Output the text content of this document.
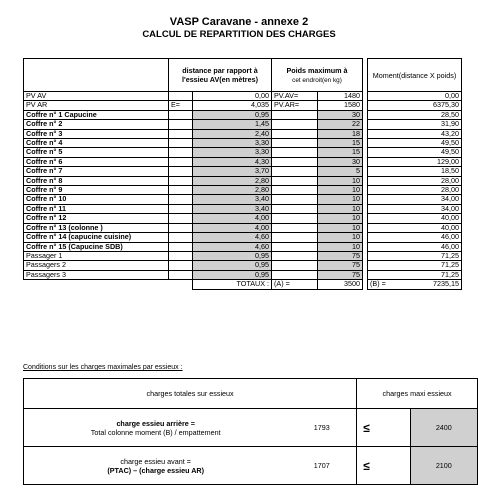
VASP Caravane - annexe 2
CALCUL DE REPARTITION DES CHARGES
	distance par rapport à l'essieu AV(en mètres)		Poids maximum à
cet endroit(en kg)			Moment(distance X poids)
PV AV		0,00	PV.AV=	1480		0,00
PV AR	E=	4,035	PV.AR=	1580		6375,30
Coffre n° 1 Capucine		0,95		30		28,50
Coffre n° 2		1,45		22		31,90
Coffre n° 3		2,40		18		43,20
Coffre n° 4		3,30		15		49,50
Coffre n° 5		3,30		15		49,50
Coffre n° 6		4,30		30		129,00
Coffre n° 7		3,70		5		18,50
Coffre n° 8		2,80		10		28,00
Coffre n° 9		2,80		10		28,00
Coffre n° 10		3,40		10		34,00
Coffre n° 11		3,40		10		34,00
Coffre n° 12		4,00		10		40,00
Coffre n° 13 (colonne )		4,00		10		40,00
Coffre n° 14 (capucine cuisine)		4,60		10		46,00
Coffre n° 15 (Capucine SDB)		4,60		10		46,00
Passager 1		0,95		75		71,25
Passagers 2		0,95		75		71,25
Passagers 3		0,95		75		71,25
		TOTAUX :	(A) =	3500		(B) = 7235,15
Conditions sur les charges maximales par essieux :
charges totales sur essieux		charges maxi essieux		
charge essieu arrière =
Total colonne moment (B) / empattement	1793	≤		2400
charge essieu avant =
(PTAC) – (charge essieu AR)	1707	≤		2100
